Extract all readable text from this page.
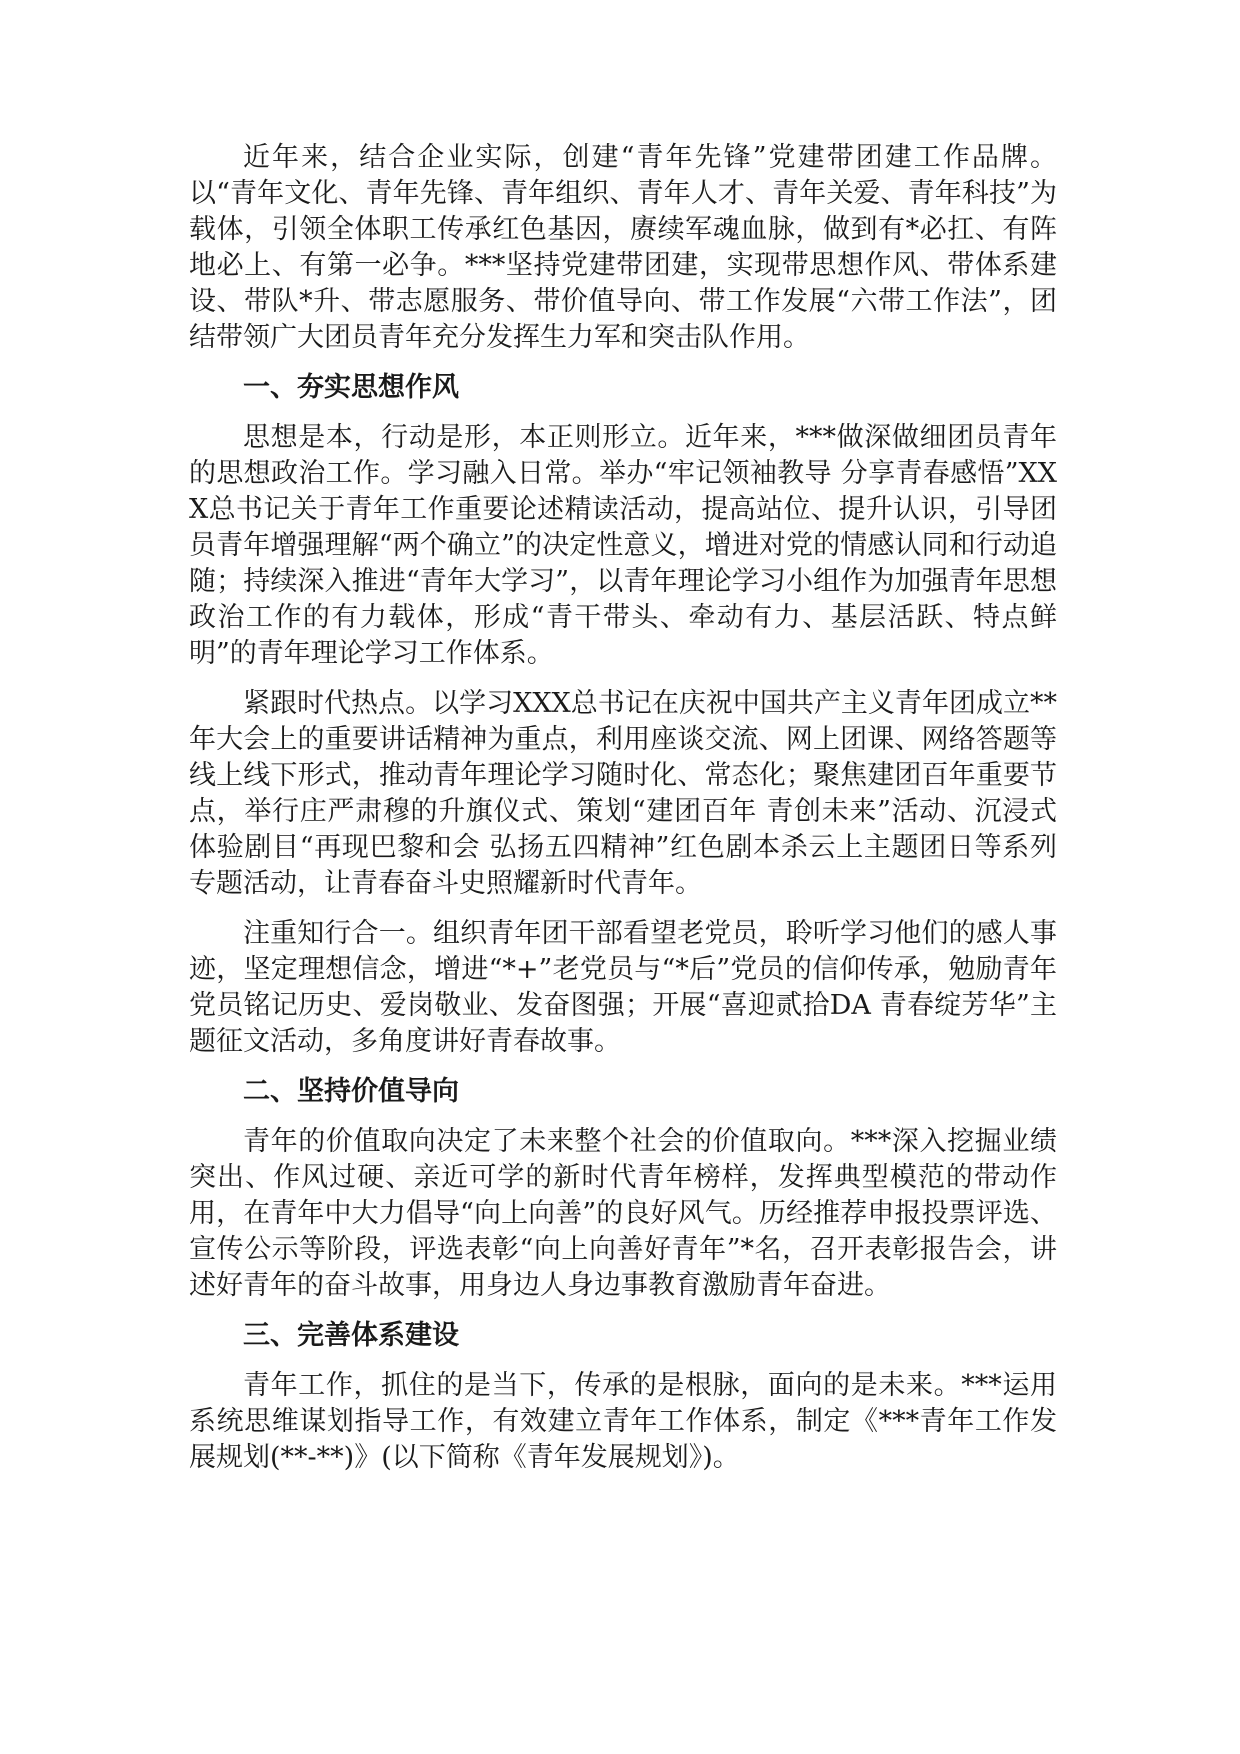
近年来，结合企业实际，创建“青年先锋”党建带团建工作品牌。以“青年文化、青年先锋、青年组织、青年人才、青年关爱、青年科技”为载体，引领全体职工传承红色基因，赓续军魂血脉，做到有*必扛、有阵地必上、有第一必争。***坚持党建带团建，实现带思想作风、带体系建设、带队*升、带志愿服务、带价值导向、带工作发展“六带工作法”，团结带领广大团员青年充分发挥生力军和突击队作用。

一、夯实思想作风

思想是本，行动是形，本正则形立。近年来，***做深做细团员青年的思想政治工作。学习融入日常。举办“牢记领袖教导 分享青春感悟”XXX总书记关于青年工作重要论述精读活动，提高站位、提升认识，引导团员青年增强理解“两个确立”的决定性意义，增进对党的情感认同和行动追随；持续深入推进“青年大学习”，以青年理论学习小组作为加强青年思想政治工作的有力载体，形成“青干带头、牵动有力、基层活跃、特点鲜明”的青年理论学习工作体系。

紧跟时代热点。以学习XXX总书记在庆祝中国共产主义青年团成立**年大会上的重要讲话精神为重点，利用座谈交流、网上团课、网络答题等线上线下形式，推动青年理论学习随时化、常态化；聚焦建团百年重要节点，举行庄严肃穆的升旗仪式、策划“建团百年 青创未来”活动、沉浸式体验剧目“再现巴黎和会 弘扬五四精神”红色剧本杀云上主题团日等系列专题活动，让青春奋斗史照耀新时代青年。

注重知行合一。组织青年团干部看望老党员，聆听学习他们的感人事迹，坚定理想信念，增进“*+”老党员与“*后”党员的信仰传承，勉励青年党员铭记历史、爱岗敬业、发奋图强；开展“喜迎贰拾DA 青春绽芳华”主题征文活动，多角度讲好青春故事。

二、坚持价值导向

青年的价值取向决定了未来整个社会的价值取向。***深入挖掘业绩突出、作风过硬、亲近可学的新时代青年榜样，发挥典型模范的带动作用，在青年中大力倡导“向上向善”的良好风气。历经推荐申报投票评选、宣传公示等阶段，评选表彰“向上向善好青年”*名，召开表彰报告会，讲述好青年的奋斗故事，用身边人身边事教育激励青年奋进。

三、完善体系建设

青年工作，抓住的是当下，传承的是根脉，面向的是未来。***运用系统思维谋划指导工作，有效建立青年工作体系，制定《***青年工作发展规划(**-**)》(以下简称《青年发展规划》)。
